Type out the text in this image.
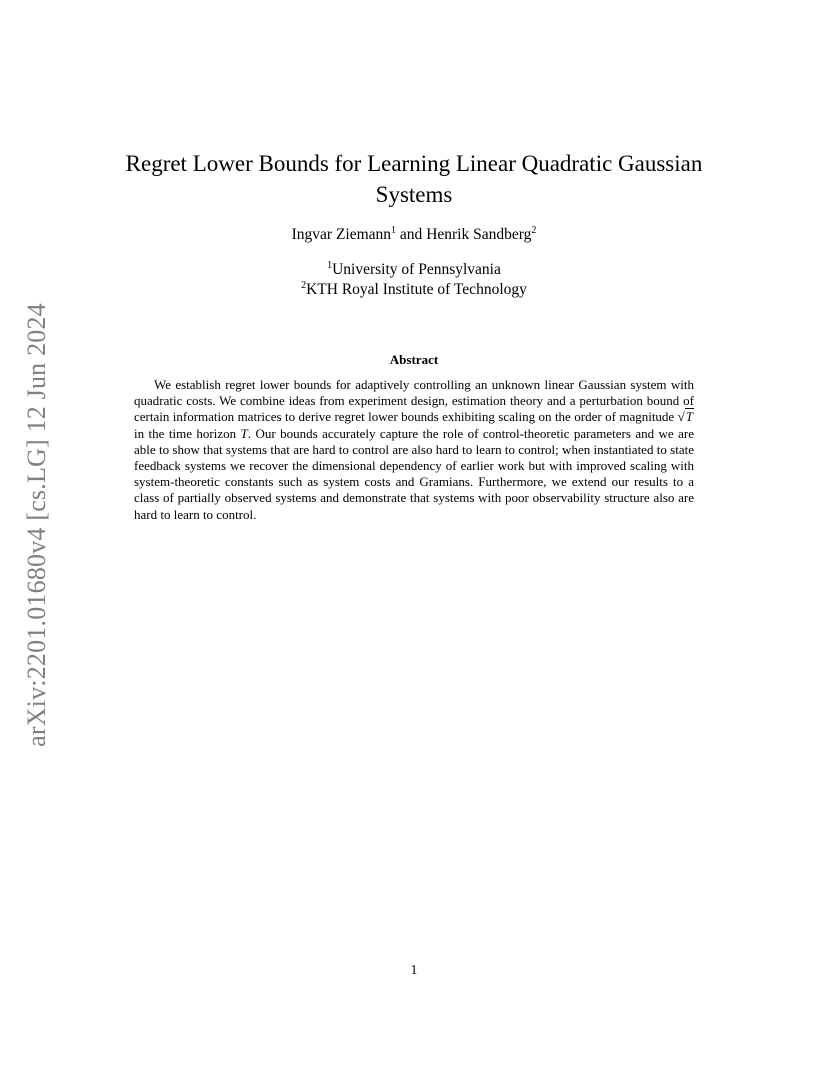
arXiv:2201.01680v4 [cs.LG] 12 Jun 2024
Regret Lower Bounds for Learning Linear Quadratic Gaussian Systems
Ingvar Ziemann$^1$ and Henrik Sandberg$^2$
$^1$University of Pennsylvania
$^2$KTH Royal Institute of Technology
Abstract

We establish regret lower bounds for adaptively controlling an unknown linear Gaussian system with quadratic costs. We combine ideas from experiment design, estimation theory and a perturbation bound of certain information matrices to derive regret lower bounds exhibiting scaling on the order of magnitude √T in the time horizon T. Our bounds accurately capture the role of control-theoretic parameters and we are able to show that systems that are hard to control are also hard to learn to control; when instantiated to state feedback systems we recover the dimensional dependency of earlier work but with improved scaling with system-theoretic constants such as system costs and Gramians. Furthermore, we extend our results to a class of partially observed systems and demonstrate that systems with poor observability structure also are hard to learn to control.

1
